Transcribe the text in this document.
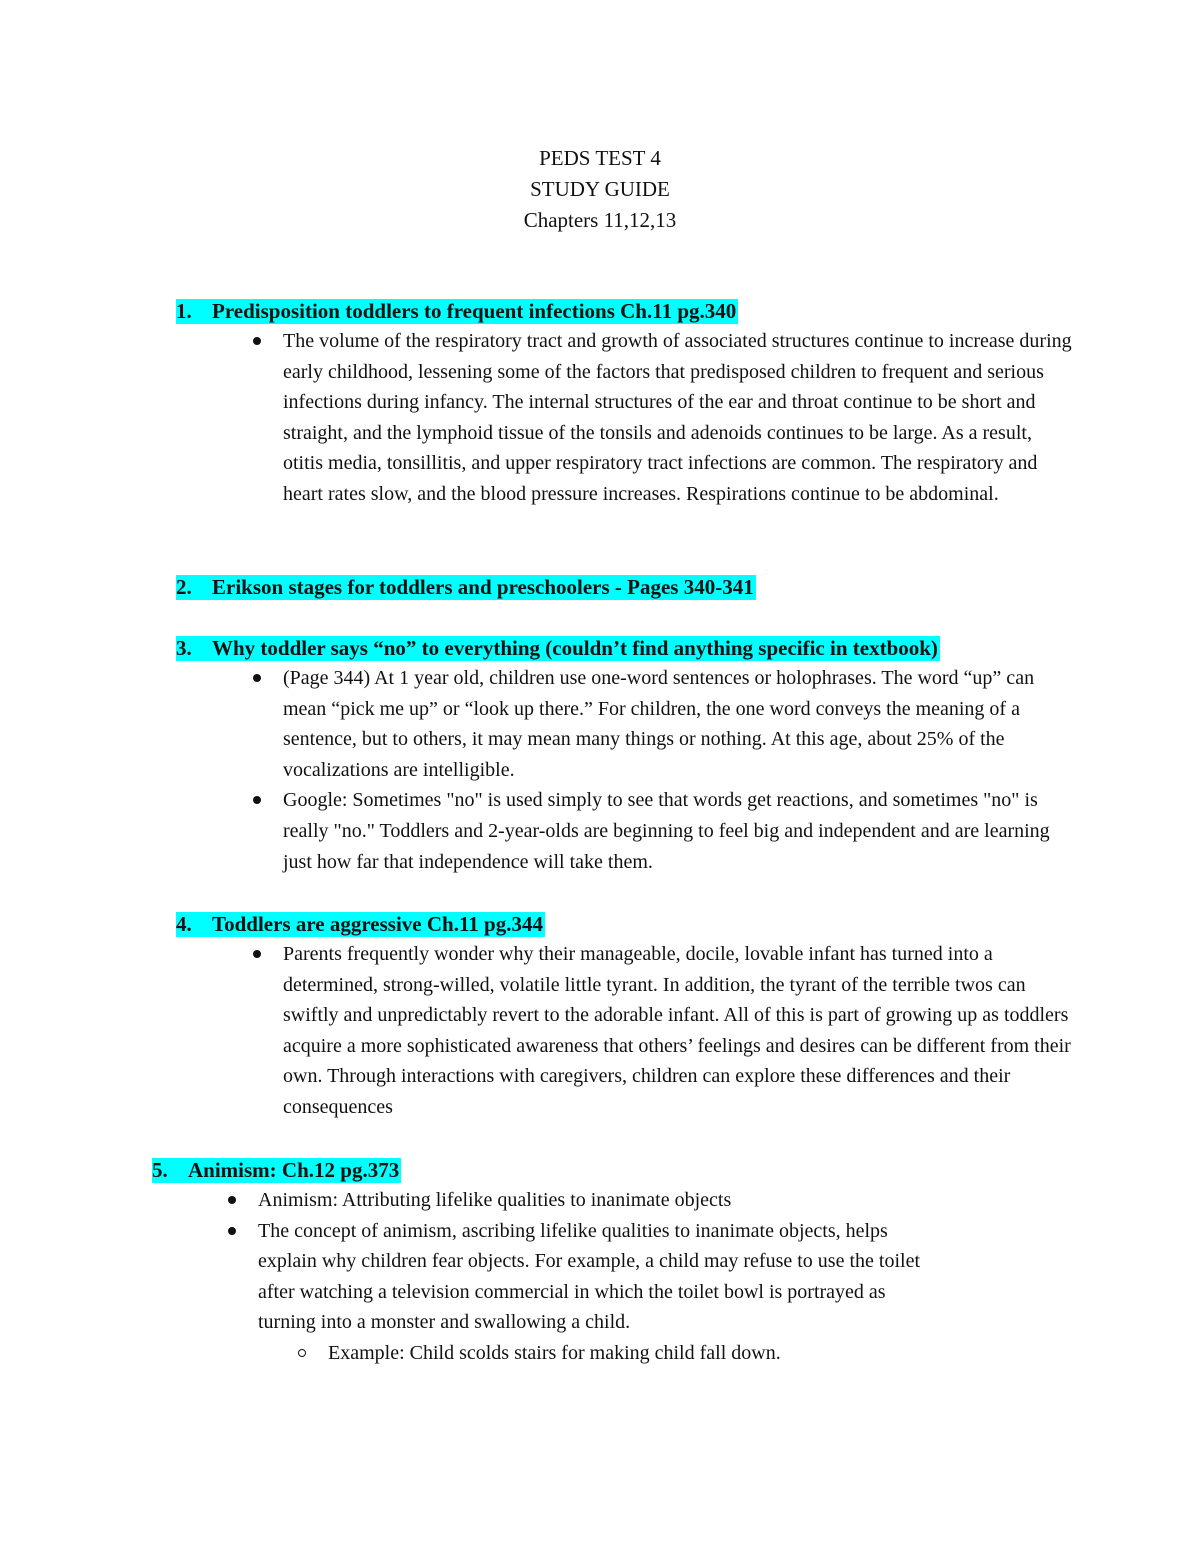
PEDS TEST 4
STUDY GUIDE
Chapters 11,12,13
1. Predisposition toddlers to frequent infections Ch.11 pg.340
The volume of the respiratory tract and growth of associated structures continue to increase during early childhood, lessening some of the factors that predisposed children to frequent and serious infections during infancy. The internal structures of the ear and throat continue to be short and straight, and the lymphoid tissue of the tonsils and adenoids continues to be large. As a result, otitis media, tonsillitis, and upper respiratory tract infections are common. The respiratory and heart rates slow, and the blood pressure increases. Respirations continue to be abdominal.
2. Erikson stages for toddlers and preschoolers - Pages 340-341
3. Why toddler says “no” to everything (couldn’t find anything specific in textbook)
(Page 344) At 1 year old, children use one-word sentences or holophrases. The word “up” can mean “pick me up” or “look up there.” For children, the one word conveys the meaning of a sentence, but to others, it may mean many things or nothing. At this age, about 25% of the vocalizations are intelligible.
Google: Sometimes "no" is used simply to see that words get reactions, and sometimes "no" is really "no." Toddlers and 2-year-olds are beginning to feel big and independent and are learning just how far that independence will take them.
4. Toddlers are aggressive Ch.11 pg.344
Parents frequently wonder why their manageable, docile, lovable infant has turned into a determined, strong-willed, volatile little tyrant. In addition, the tyrant of the terrible twos can swiftly and unpredictably revert to the adorable infant. All of this is part of growing up as toddlers acquire a more sophisticated awareness that others’ feelings and desires can be different from their own. Through interactions with caregivers, children can explore these differences and their consequences
5. Animism: Ch.12 pg.373
Animism: Attributing lifelike qualities to inanimate objects
The concept of animism, ascribing lifelike qualities to inanimate objects, helps explain why children fear objects. For example, a child may refuse to use the toilet after watching a television commercial in which the toilet bowl is portrayed as turning into a monster and swallowing a child.
Example: Child scolds stairs for making child fall down.
